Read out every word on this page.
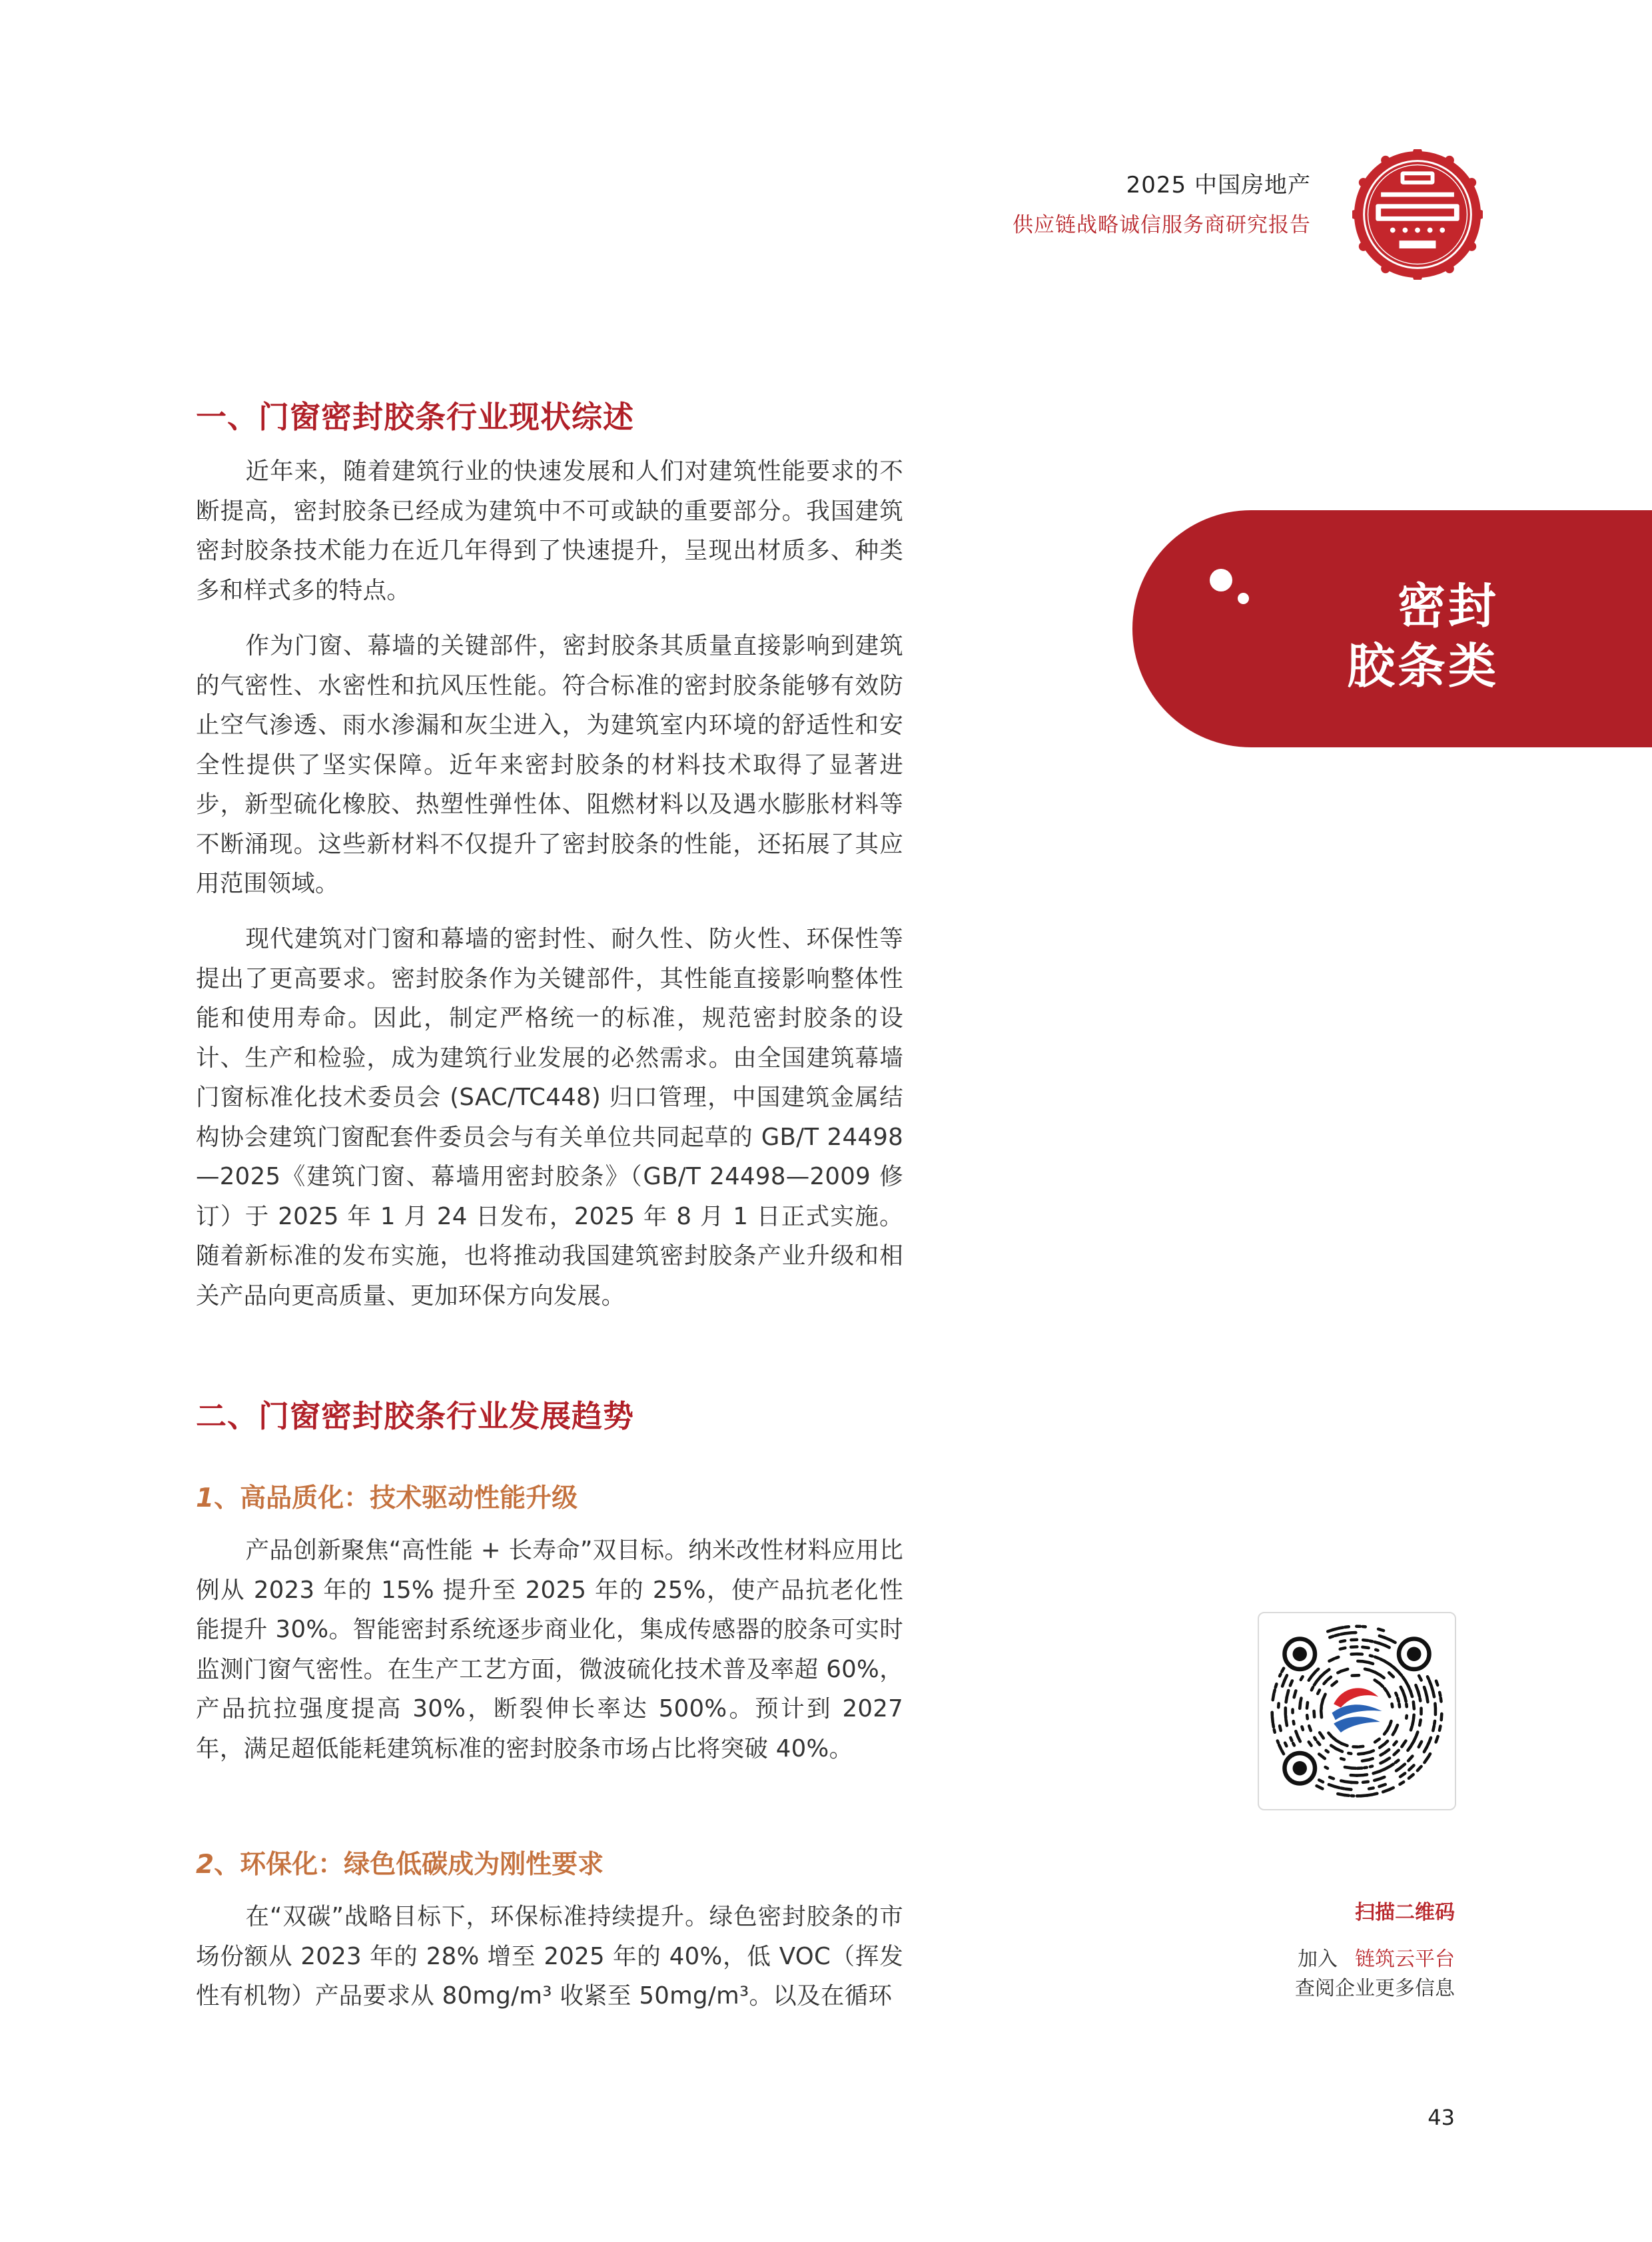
2025 中国房地产
供应链战略诚信服务商研究报告
密封
胶条类
一、门窗密封胶条行业现状综述

近年来，随着建筑行业的快速发展和人们对建筑性能要求的不断提高，密封胶条已经成为建筑中不可或缺的重要部分。我国建筑密封胶条技术能力在近几年得到了快速提升，呈现出材质多、种类多和样式多的特点。

作为门窗、幕墙的关键部件，密封胶条其质量直接影响到建筑的气密性、水密性和抗风压性能。符合标准的密封胶条能够有效防止空气渗透、雨水渗漏和灰尘进入，为建筑室内环境的舒适性和安全性提供了坚实保障。近年来密封胶条的材料技术取得了显著进步，新型硫化橡胶、热塑性弹性体、阻燃材料以及遇水膨胀材料等不断涌现。这些新材料不仅提升了密封胶条的性能，还拓展了其应用范围领域。

现代建筑对门窗和幕墙的密封性、耐久性、防火性、环保性等提出了更高要求。密封胶条作为关键部件，其性能直接影响整体性能和使用寿命。因此，制定严格统一的标准，规范密封胶条的设计、生产和检验，成为建筑行业发展的必然需求。由全国建筑幕墙门窗标准化技术委员会 (SAC/TC448) 归口管理，中国建筑金属结构协会建筑门窗配套件委员会与有关单位共同起草的 GB/T 24498—2025《建筑门窗、幕墙用密封胶条》（GB/T 24498—2009 修订）于 2025 年 1 月 24 日发布，2025 年 8 月 1 日正式实施。随着新标准的发布实施，也将推动我国建筑密封胶条产业升级和相关产品向更高质量、更加环保方向发展。

二、门窗密封胶条行业发展趋势
1、高品质化：技术驱动性能升级

产品创新聚焦“高性能 + 长寿命”双目标。纳米改性材料应用比例从 2023 年的 15% 提升至 2025 年的 25%，使产品抗老化性能提升 30%。智能密封系统逐步商业化，集成传感器的胶条可实时监测门窗气密性。在生产工艺方面，微波硫化技术普及率超 60%，产品抗拉强度提高 30%，断裂伸长率达 500%。预计到 2027 年，满足超低能耗建筑标准的密封胶条市场占比将突破 40%。

2、环保化：绿色低碳成为刚性要求

在“双碳”战略目标下，环保标准持续提升。绿色密封胶条的市场份额从 2023 年的 28% 增至 2025 年的 40%，低 VOC（挥发性有机物）产品要求从 80mg/m³ 收紧至 50mg/m³。以及在循环

扫描二维码
加入 链筑云平台
查阅企业更多信息
43
